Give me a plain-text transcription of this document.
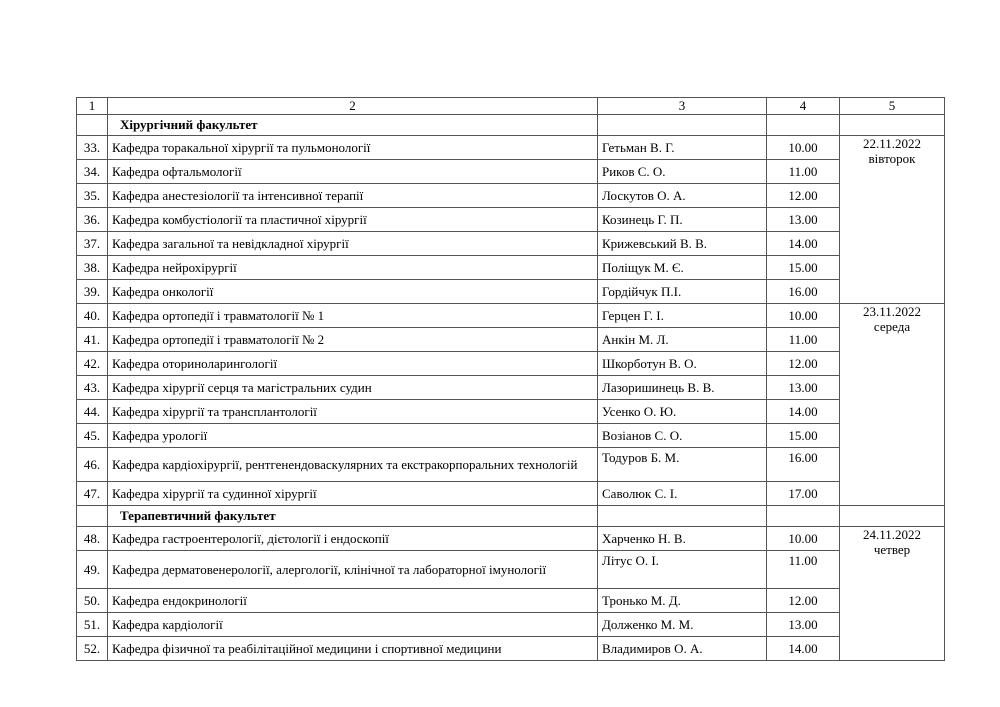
1	2	3	4	5
	Хірургічний факультет			
33.	Кафедра торакальної хірургії та пульмонології	Гетьман В. Г.	10.00	22.11.2022
вівторок

34.	Кафедра офтальмології	Риков С. О.	11.00	
35.	Кафедра анестезіології та інтенсивної терапії	Лоскутов О. А.	12.00	
36.	Кафедра комбустіології та пластичної хірургії	Козинець Г. П.	13.00	
37.	Кафедра загальної та невідкладної хірургії	Крижевський В. В.	14.00	
38.	Кафедра нейрохірургії	Поліщук М. Є.	15.00	
39.	Кафедра онкології	Гордійчук П.І.	16.00	
40.	Кафедра ортопедії і травматології № 1	Герцен Г. І.	10.00	23.11.2022
середа

41.	Кафедра ортопедії і травматології № 2	Анкін М. Л.	11.00	
42.	Кафедра оториноларингології	Шкорботун В. О.	12.00	
43.	Кафедра хірургії серця та магістральних судин	Лазоришинець В. В.	13.00	
44.	Кафедра хірургії та трансплантології	Усенко О. Ю.	14.00	
45.	Кафедра урології	Возіанов С. О.	15.00	
46.	Кафедра кардіохірургії, рентгенендоваскулярних та екстракорпоральних технологій	Тодуров Б. М.	16.00	
47.	Кафедра хірургії та судинної хірургії	Саволюк С. І.	17.00	
	Терапевтичний факультет			
48.	Кафедра гастроентерології, дієтології і ендоскопії	Харченко Н. В.	10.00	24.11.2022
четвер

49.	Кафедра дерматовенерології, алергології, клінічної та лабораторної імунології	Літус О. І.	11.00	
50.	Кафедра ендокринології	Тронько М. Д.	12.00	
51.	Кафедра кардіології	Долженко М. М.	13.00	
52.	Кафедра фізичної та реабілітаційної медицини і спортивної медицини	Владимиров О. А.	14.00	
